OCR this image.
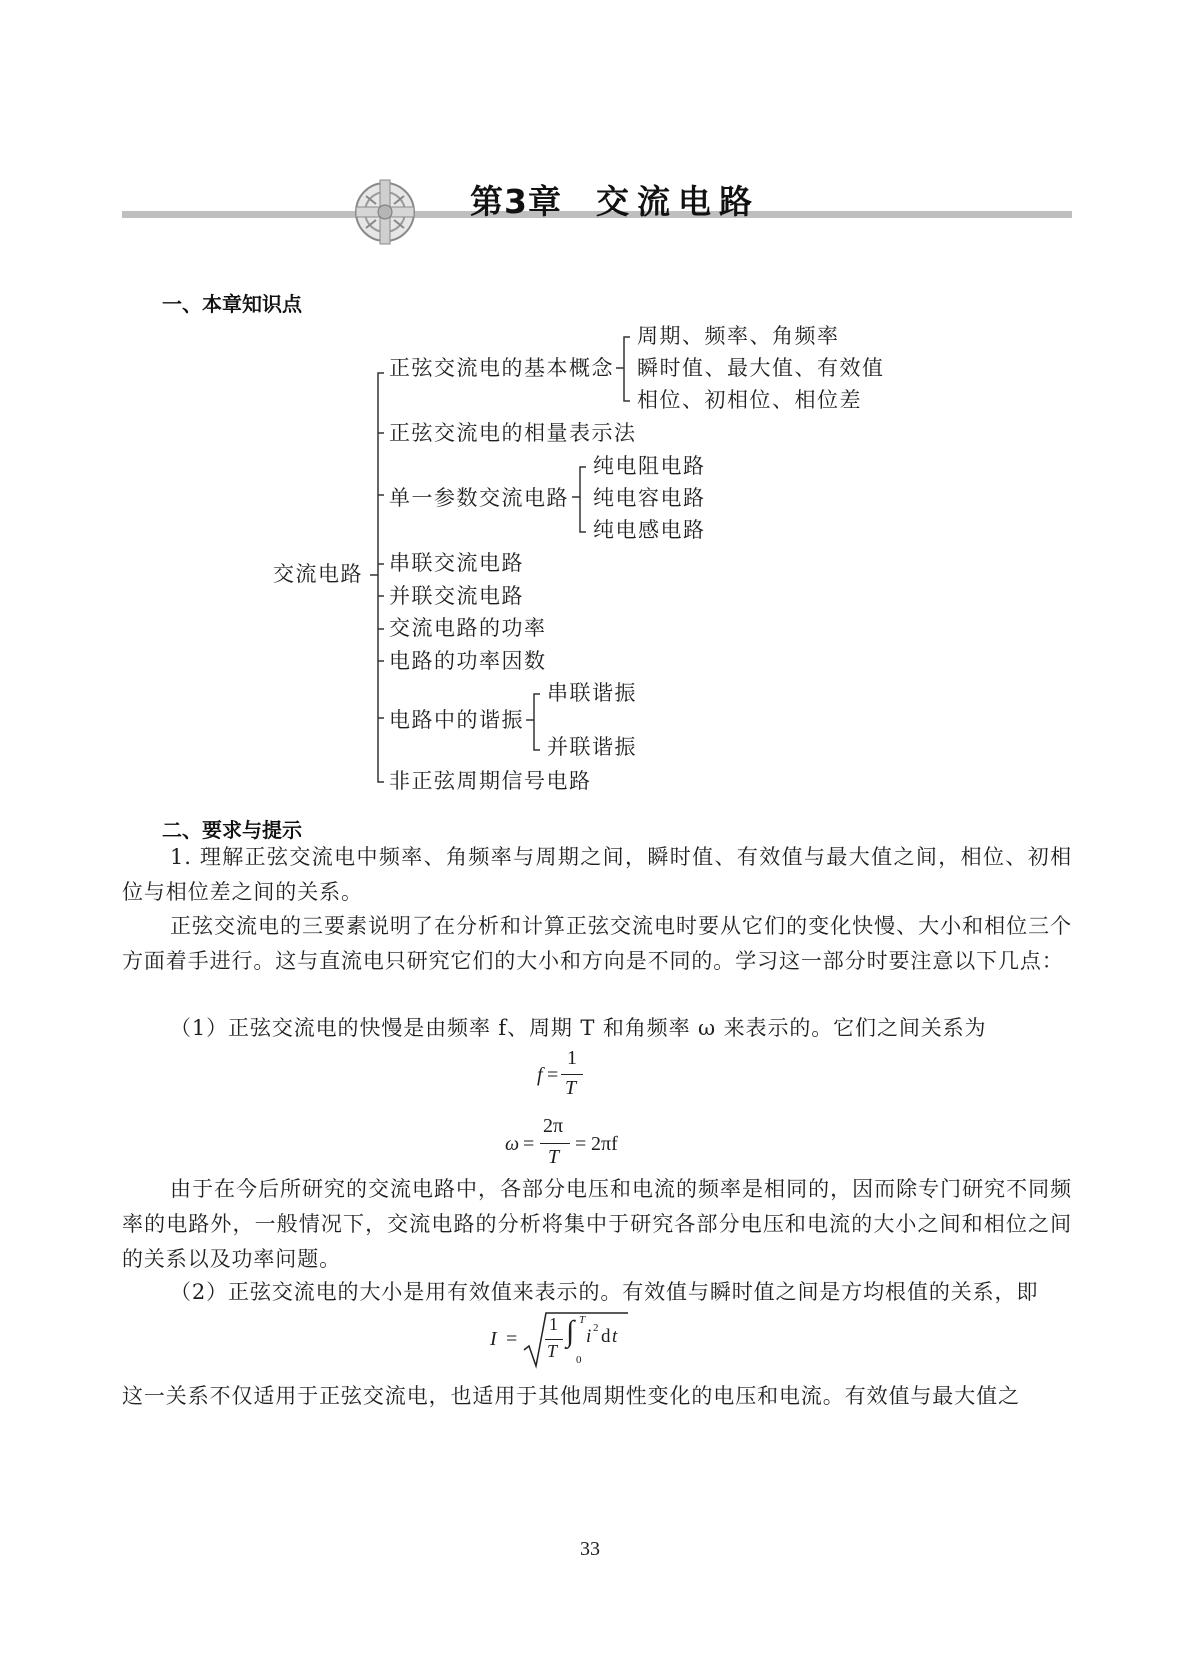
第3章 交流电路
一、本章知识点
交流电路
正弦交流电的基本概念
周期、频率、角频率
瞬时值、最大值、有效值
相位、初相位、相位差
正弦交流电的相量表示法
单一参数交流电路
纯电阻电路
纯电容电路
纯电感电路
串联交流电路
并联交流电路
交流电路的功率
电路的功率因数
电路中的谐振
串联谐振
并联谐振
非正弦周期信号电路
二、要求与提示
1. 理解正弦交流电中频率、角频率与周期之间，瞬时值、有效值与最大值之间，相位、初相位与相位差之间的关系。
正弦交流电的三要素说明了在分析和计算正弦交流电时要从它们的变化快慢、大小和相位三个方面着手进行。这与直流电只研究它们的大小和方向是不同的。学习这一部分时要注意以下几点：
（1）正弦交流电的快慢是由频率 f、周期 T 和角频率 ω 来表示的。它们之间关系为
f =
1
T
ω =
2π
T
= 2πf
由于在今后所研究的交流电路中，各部分电压和电流的频率是相同的，因而除专门研究不同频率的电路外，一般情况下，交流电路的分析将集中于研究各部分电压和电流的大小之间和相位之间的关系以及功率问题。
（2）正弦交流电的大小是用有效值来表示的。有效值与瞬时值之间是方均根值的关系，即
I =
1
T
∫ T
0
i 2 d t
这一关系不仅适用于正弦交流电，也适用于其他周期性变化的电压和电流。有效值与最大值之
33
